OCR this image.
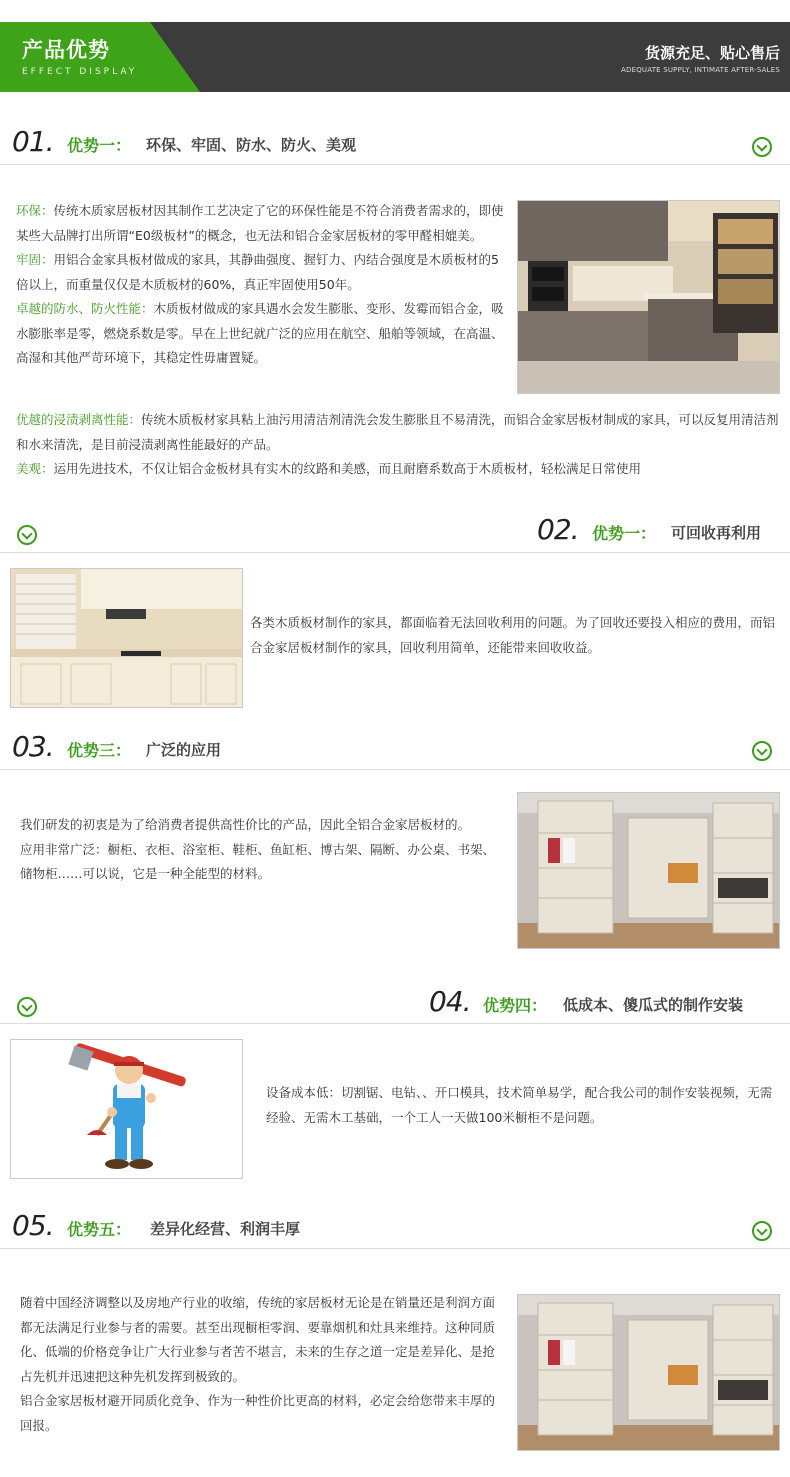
产品优势
EFFECT DISPLAY
货源充足、贴心售后
ADEQUATE SUPPLY, INTIMATE AFTER-SALES
01. 优势一： 环保、牢固、防水、防火、美观

环保：传统木质家居板材因其制作工艺决定了它的环保性能是不符合消费者需求的，即使某些大品牌打出所谓“E0级板材”的概念，也无法和铝合金家居板材的零甲醛相媲美。

牢固：用铝合金家具板材做成的家具，其静曲强度、握钉力、内结合强度是木质板材的5倍以上，而重量仅仅是木质板材的60%，真正牢固使用50年。

卓越的防水、防火性能：木质板材做成的家具遇水会发生膨胀、变形、发霉而铝合金，吸水膨胀率是零，燃烧系数是零。早在上世纪就广泛的应用在航空、船舶等领域，在高温、高湿和其他严苛环境下，其稳定性毋庸置疑。

优越的浸渍剥离性能：传统木质板材家具粘上油污用清洁剂清洗会发生膨胀且不易清洗，而铝合金家居板材制成的家具，可以反复用清洁剂和水来清洗，是目前浸渍剥离性能最好的产品。

美观：运用先进技术，不仅让铝合金板材具有实木的纹路和美感，而且耐磨系数高于木质板材，轻松满足日常使用

02. 优势一： 可回收再利用

各类木质板材制作的家具，都面临着无法回收利用的问题。为了回收还要投入相应的费用，而铝合金家居板材制作的家具，回收利用简单，还能带来回收收益。

03. 优势三： 广泛的应用

我们研发的初衷是为了给消费者提供高性价比的产品，因此全铝合金家居板材的。

应用非常广泛：橱柜、衣柜、浴室柜、鞋柜、鱼缸柜、博古架、隔断、办公桌、书架、储物柜……可以说，它是一种全能型的材料。

04. 优势四： 低成本、傻瓜式的制作安装

设备成本低：切割锯、电钻、、开口模具，技术简单易学，配合我公司的制作安装视频，无需经验、无需木工基础，一个工人一天做100米橱柜不是问题。

05. 优势五： 差异化经营、利润丰厚

随着中国经济调整以及房地产行业的收缩，传统的家居板材无论是在销量还是利润方面都无法满足行业参与者的需要。甚至出现橱柜零润、要靠烟机和灶具来维持。这种同质化、低端的价格竞争让广大行业参与者苦不堪言，未来的生存之道一定是差异化、是抢占先机并迅速把这种先机发挥到极致的。

铝合金家居板材避开同质化竞争、作为一种性价比更高的材料，必定会给您带来丰厚的回报。
